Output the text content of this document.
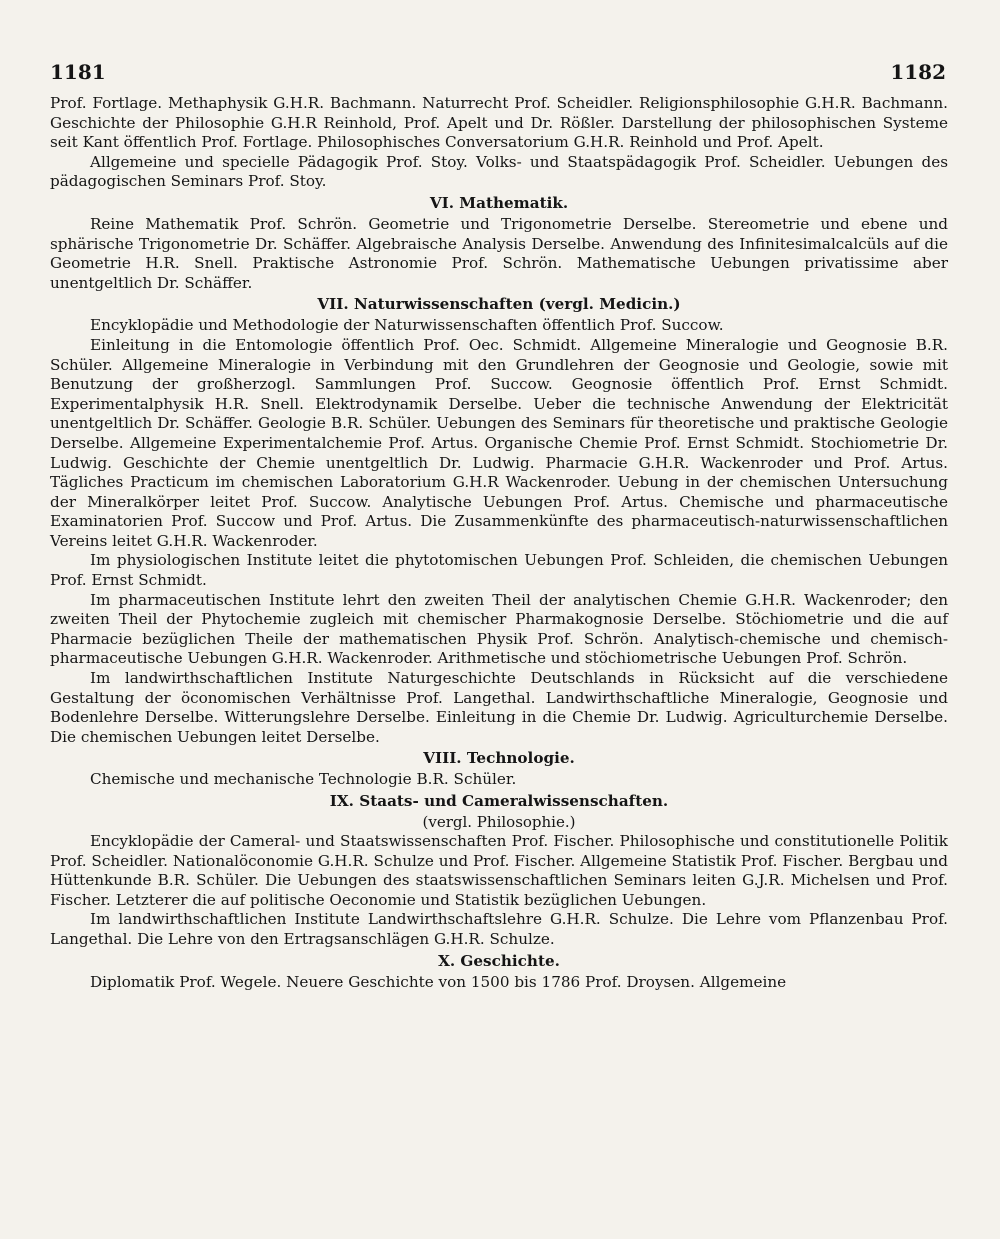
1181	1182

Prof. Fortlage. Methaphysik G.H.R. Bachmann. Naturrecht Prof. Scheidler. Religionsphilosophie G.H.R. Bachmann. Geschichte der Philosophie G.H.R Reinhold, Prof. Apelt und Dr. Rößler. Darstellung der philosophischen Systeme seit Kant öffentlich Prof. Fortlage. Philosophisches Conversatorium G.H.R. Reinhold und Prof. Apelt.

Allgemeine und specielle Pädagogik Prof. Stoy. Volks- und Staatspädagogik Prof. Scheidler. Uebungen des pädagogischen Seminars Prof. Stoy.

VI. Mathematik.

Reine Mathematik Prof. Schrön. Geometrie und Trigonometrie Derselbe. Stereometrie und ebene und sphärische Trigonometrie Dr. Schäffer. Algebraische Analysis Derselbe. Anwendung des Infinitesimalcalcüls auf die Geometrie H.R. Snell. Praktische Astronomie Prof. Schrön. Mathematische Uebungen privatissime aber unentgeltlich Dr. Schäffer.

VII. Naturwissenschaften (vergl. Medicin.)

Encyklopädie und Methodologie der Naturwissenschaften öffentlich Prof. Succow.

Einleitung in die Entomologie öffentlich Prof. Oec. Schmidt. Allgemeine Mineralogie und Geognosie B.R. Schüler. Allgemeine Mineralogie in Verbindung mit den Grundlehren der Geognosie und Geologie, sowie mit Benutzung der großherzogl. Sammlungen Prof. Succow. Geognosie öffentlich Prof. Ernst Schmidt. Experimentalphysik H.R. Snell. Elektrodynamik Derselbe. Ueber die technische Anwendung der Elektricität unentgeltlich Dr. Schäffer. Geologie B.R. Schüler. Uebungen des Seminars für theoretische und praktische Geologie Derselbe. Allgemeine Experimentalchemie Prof. Artus. Organische Chemie Prof. Ernst Schmidt. Stochiometrie Dr. Ludwig. Geschichte der Chemie unentgeltlich Dr. Ludwig. Pharmacie G.H.R. Wackenroder und Prof. Artus. Tägliches Practicum im chemischen Laboratorium G.H.R Wackenroder. Uebung in der chemischen Untersuchung der Mineralkörper leitet Prof. Succow. Analytische Uebungen Prof. Artus. Chemische und pharmaceutische Examinatorien Prof. Succow und Prof. Artus. Die Zusammenkünfte des pharmaceutisch-naturwissenschaftlichen Vereins leitet G.H.R. Wackenroder.

Im physiologischen Institute leitet die phytotomischen Uebungen Prof. Schleiden, die chemischen Uebungen Prof. Ernst Schmidt.

Im pharmaceutischen Institute lehrt den zweiten Theil der analytischen Chemie G.H.R. Wackenroder; den zweiten Theil der Phytochemie zugleich mit chemischer Pharmakognosie Derselbe. Stöchiometrie und die auf Pharmacie bezüglichen Theile der mathematischen Physik Prof. Schrön. Analytisch-chemische und chemisch-pharmaceutische Uebungen G.H.R. Wackenroder. Arithmetische und stöchiometrische Uebungen Prof. Schrön.

Im landwirthschaftlichen Institute Naturgeschichte Deutschlands in Rücksicht auf die verschiedene Gestaltung der öconomischen Verhältnisse Prof. Langethal. Landwirthschaftliche Mineralogie, Geognosie und Bodenlehre Derselbe. Witterungslehre Derselbe. Einleitung in die Chemie Dr. Ludwig. Agriculturchemie Derselbe. Die chemischen Uebungen leitet Derselbe.

VIII. Technologie.

Chemische und mechanische Technologie B.R. Schüler.

IX. Staats- und Cameralwissenschaften.
(vergl. Philosophie.)

Encyklopädie der Cameral- und Staatswissenschaften Prof. Fischer. Philosophische und constitutionelle Politik Prof. Scheidler. Nationalöconomie G.H.R. Schulze und Prof. Fischer. Allgemeine Statistik Prof. Fischer. Bergbau und Hüttenkunde B.R. Schüler. Die Uebungen des staatswissenschaftlichen Seminars leiten G.J.R. Michelsen und Prof. Fischer. Letzterer die auf politische Oeconomie und Statistik bezüglichen Uebungen.

Im landwirthschaftlichen Institute Landwirthschaftslehre G.H.R. Schulze. Die Lehre vom Pflanzenbau Prof. Langethal. Die Lehre von den Ertragsanschlägen G.H.R. Schulze.

X. Geschichte.

Diplomatik Prof. Wegele. Neuere Geschichte von 1500 bis 1786 Prof. Droysen. Allgemeine
